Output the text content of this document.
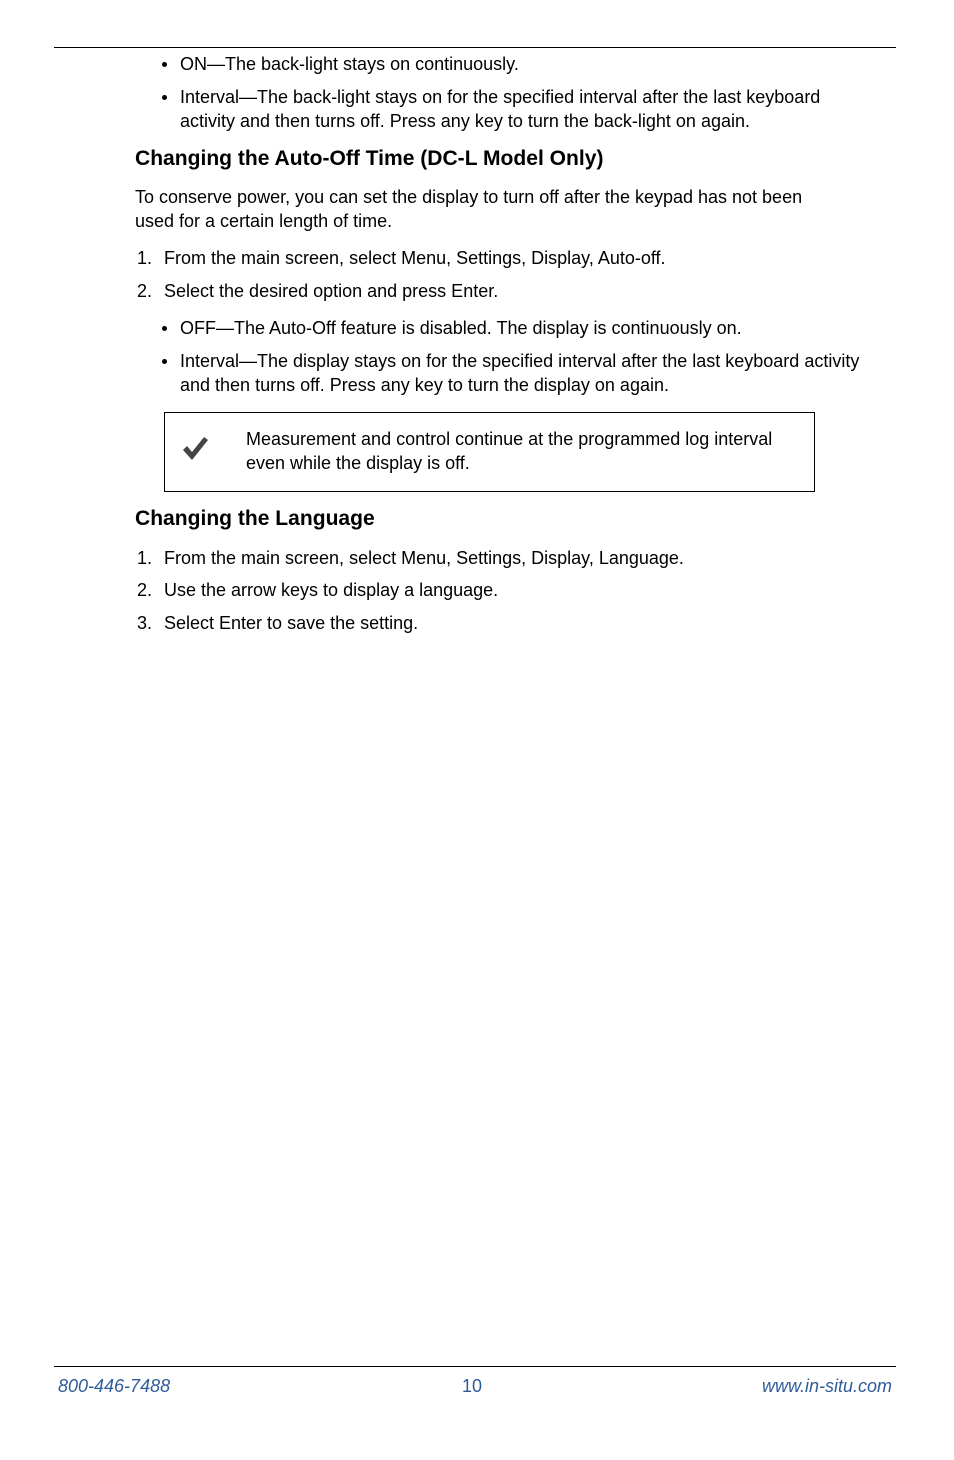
ON—The back-light stays on continuously.

Interval—The back-light stays on for the specified interval after the last keyboard activity and then turns off. Press any key to turn the back-light on again.

Changing the Auto-Off Time (DC-L Model Only)

To conserve power, you can set the display to turn off after the keypad has not been used for a certain length of time.

1. From the main screen, select Menu, Settings, Display, Auto-off.

2. Select the desired option and press Enter.

OFF—The Auto-Off feature is disabled. The display is continuously on.

Interval—The display stays on for the specified interval after the last keyboard activity and then turns off. Press any key to turn the display on again.

Measurement and control continue at the programmed log interval even while the display is off.

Changing the Language

1. From the main screen, select Menu, Settings, Display, Language.

2. Use the arrow keys to display a language.

3. Select Enter to save the setting.

800-446-7488	10	www.in-situ.com
